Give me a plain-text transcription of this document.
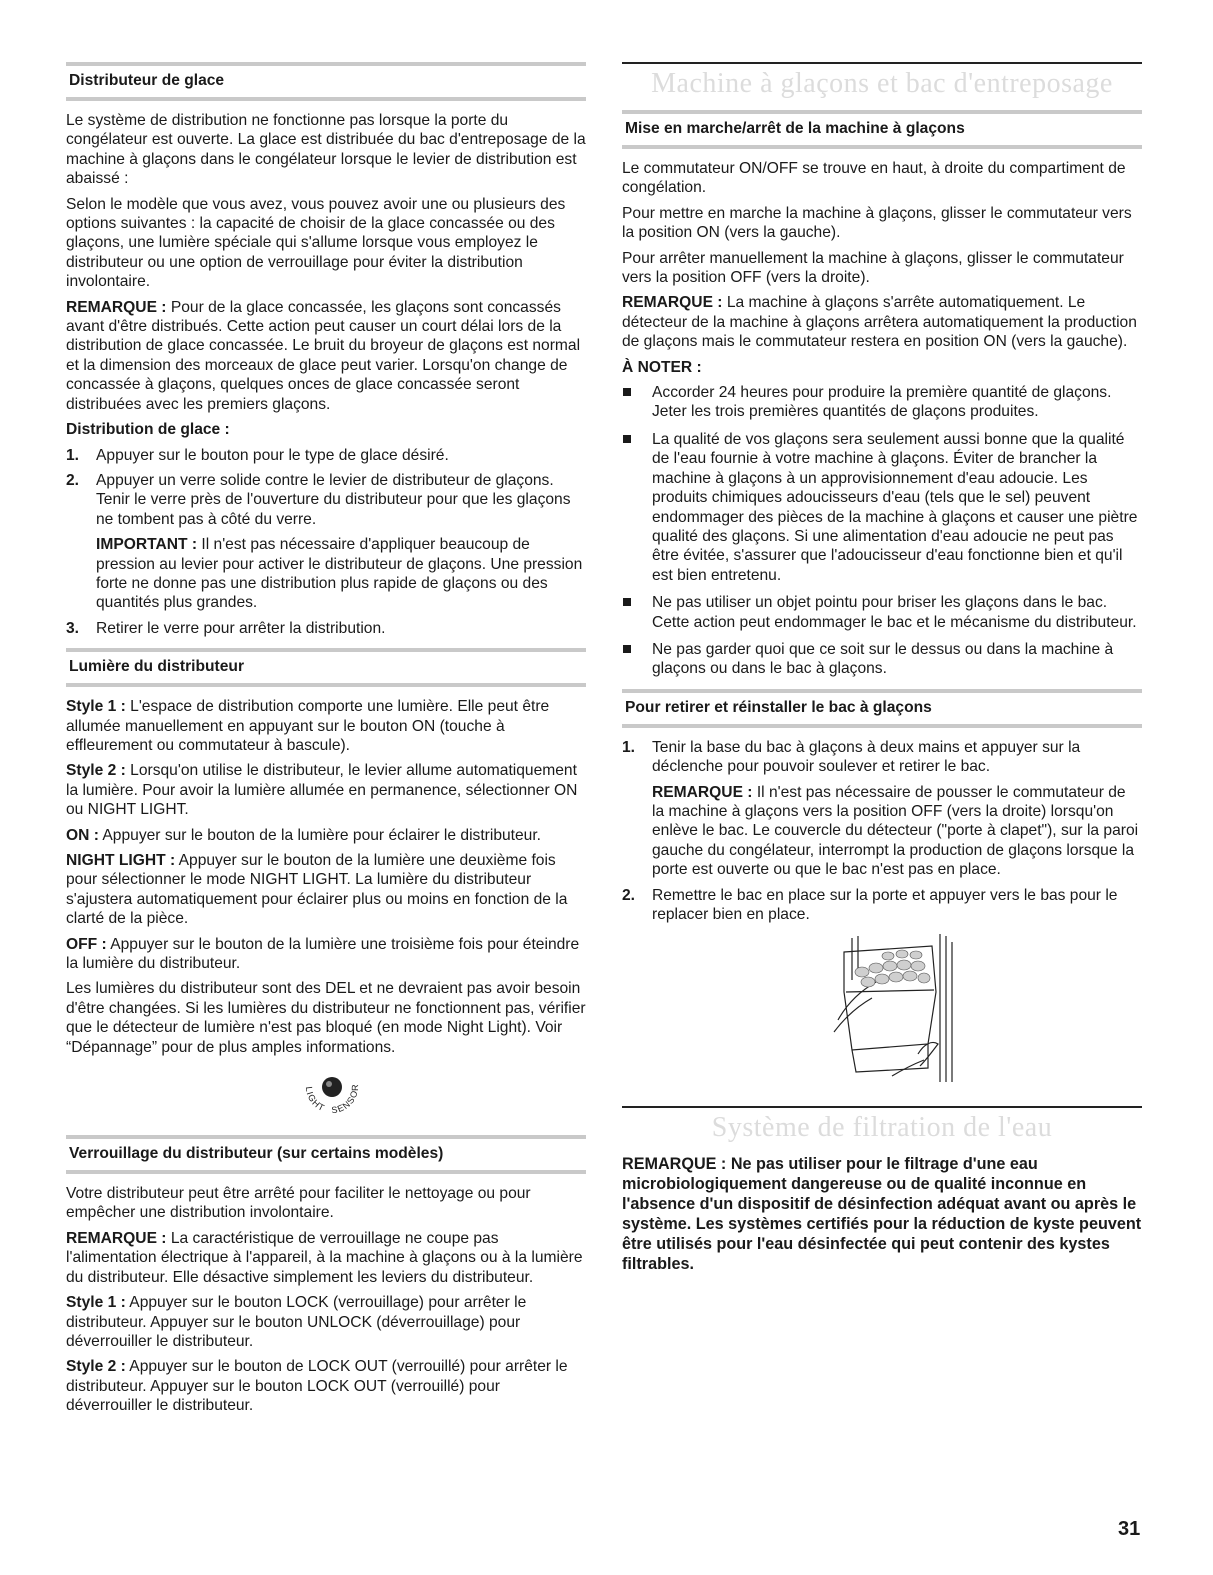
Distributeur de glace

Le système de distribution ne fonctionne pas lorsque la porte du congélateur est ouverte. La glace est distribuée du bac d'entreposage de la machine à glaçons dans le congélateur lorsque le levier de distribution est abaissé :

Selon le modèle que vous avez, vous pouvez avoir une ou plusieurs des options suivantes : la capacité de choisir de la glace concassée ou des glaçons, une lumière spéciale qui s'allume lorsque vous employez le distributeur ou une option de verrouillage pour éviter la distribution involontaire.

REMARQUE : Pour de la glace concassée, les glaçons sont concassés avant d'être distribués. Cette action peut causer un court délai lors de la distribution de glace concassée. Le bruit du broyeur de glaçons est normal et la dimension des morceaux de glace peut varier. Lorsqu'on change de concassée à glaçons, quelques onces de glace concassée seront distribuées avec les premiers glaçons.

Distribution de glace :
1. Appuyer sur le bouton pour le type de glace désiré.

2. Appuyer un verre solide contre le levier de distributeur de glaçons. Tenir le verre près de l'ouverture du distributeur pour que les glaçons ne tombent pas à côté du verre.

IMPORTANT : Il n'est pas nécessaire d'appliquer beaucoup de pression au levier pour activer le distributeur de glaçons. Une pression forte ne donne pas une distribution plus rapide de glaçons ou des quantités plus grandes.

3. Retirer le verre pour arrêter la distribution.

Lumière du distributeur

Style 1 : L'espace de distribution comporte une lumière. Elle peut être allumée manuellement en appuyant sur le bouton ON (touche à effleurement ou commutateur à bascule).

Style 2 : Lorsqu'on utilise le distributeur, le levier allume automatiquement la lumière. Pour avoir la lumière allumée en permanence, sélectionner ON ou NIGHT LIGHT.

ON : Appuyer sur le bouton de la lumière pour éclairer le distributeur.

NIGHT LIGHT : Appuyer sur le bouton de la lumière une deuxième fois pour sélectionner le mode NIGHT LIGHT. La lumière du distributeur s'ajustera automatiquement pour éclairer plus ou moins en fonction de la clarté de la pièce.

OFF : Appuyer sur le bouton de la lumière une troisième fois pour éteindre la lumière du distributeur.

Les lumières du distributeur sont des DEL et ne devraient pas avoir besoin d'être changées. Si les lumières du distributeur ne fonctionnent pas, vérifier que le détecteur de lumière n'est pas bloqué (en mode Night Light). Voir “Dépannage” pour de plus amples informations.

LIGHT SENSOR
Verrouillage du distributeur (sur certains modèles)

Votre distributeur peut être arrêté pour faciliter le nettoyage ou pour empêcher une distribution involontaire.

REMARQUE : La caractéristique de verrouillage ne coupe pas l'alimentation électrique à l'appareil, à la machine à glaçons ou à la lumière du distributeur. Elle désactive simplement les leviers du distributeur.

Style 1 : Appuyer sur le bouton LOCK (verrouillage) pour arrêter le distributeur. Appuyer sur le bouton UNLOCK (déverrouillage) pour déverrouiller le distributeur.

Style 2 : Appuyer sur le bouton de LOCK OUT (verrouillé) pour arrêter le distributeur. Appuyer sur le bouton LOCK OUT (verrouillé) pour déverrouiller le distributeur.

Machine à glaçons et bac d'entreposage
Mise en marche/arrêt de la machine à glaçons

Le commutateur ON/OFF se trouve en haut, à droite du compartiment de congélation.

Pour mettre en marche la machine à glaçons, glisser le commutateur vers la position ON (vers la gauche).

Pour arrêter manuellement la machine à glaçons, glisser le commutateur vers la position OFF (vers la droite).

REMARQUE : La machine à glaçons s'arrête automatiquement. Le détecteur de la machine à glaçons arrêtera automatiquement la production de glaçons mais le commutateur restera en position ON (vers la gauche).

À NOTER :

Accorder 24 heures pour produire la première quantité de glaçons. Jeter les trois premières quantités de glaçons produites.

La qualité de vos glaçons sera seulement aussi bonne que la qualité de l'eau fournie à votre machine à glaçons. Éviter de brancher la machine à glaçons à un approvisionnement d'eau adoucie. Les produits chimiques adoucisseurs d'eau (tels que le sel) peuvent endommager des pièces de la machine à glaçons et causer une piètre qualité des glaçons. Si une alimentation d'eau adoucie ne peut pas être évitée, s'assurer que l'adoucisseur d'eau fonctionne bien et qu'il est bien entretenu.

Ne pas utiliser un objet pointu pour briser les glaçons dans le bac. Cette action peut endommager le bac et le mécanisme du distributeur.

Ne pas garder quoi que ce soit sur le dessus ou dans la machine à glaçons ou dans le bac à glaçons.

Pour retirer et réinstaller le bac à glaçons
1. Tenir la base du bac à glaçons à deux mains et appuyer sur la déclenche pour pouvoir soulever et retirer le bac.

REMARQUE : Il n'est pas nécessaire de pousser le commutateur de la machine à glaçons vers la position OFF (vers la droite) lorsqu'on enlève le bac. Le couvercle du détecteur ("porte à clapet"), sur la paroi gauche du congélateur, interrompt la production de glaçons lorsque la porte est ouverte ou que le bac n'est pas en place.

2. Remettre le bac en place sur la porte et appuyer vers le bas pour le replacer bien en place.

Système de filtration de l'eau

REMARQUE : Ne pas utiliser pour le filtrage d'une eau microbiologiquement dangereuse ou de qualité inconnue en l'absence d'un dispositif de désinfection adéquat avant ou après le système. Les systèmes certifiés pour la réduction de kyste peuvent être utilisés pour l'eau désinfectée qui peut contenir des kystes filtrables.

31
